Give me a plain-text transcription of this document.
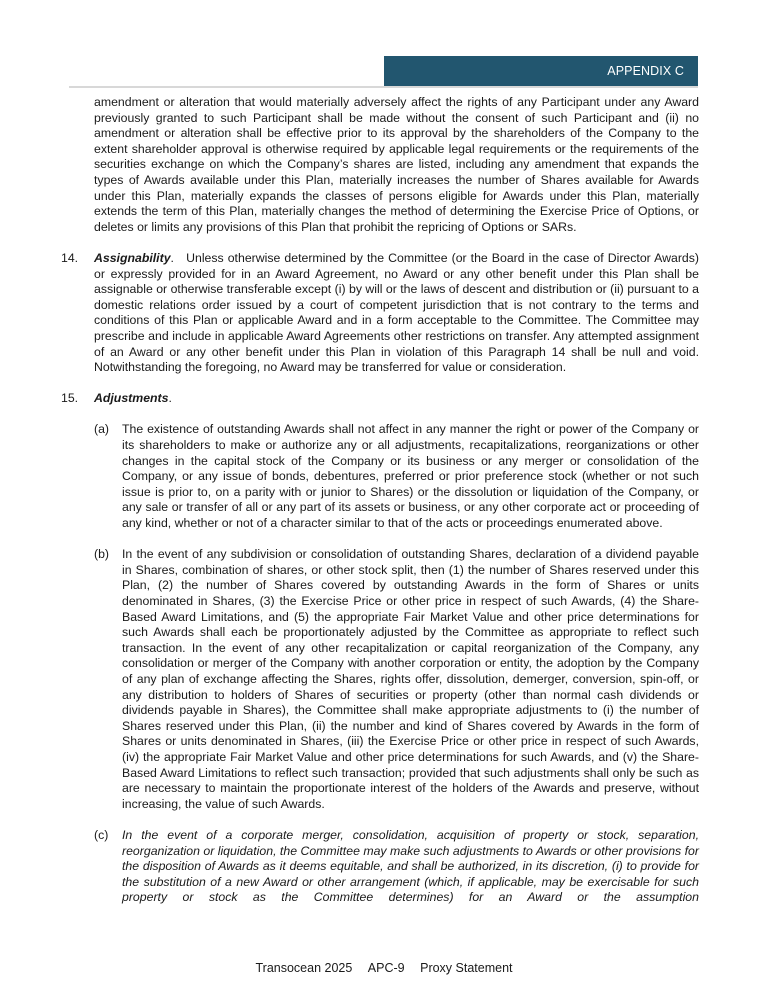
APPENDIX C

amendment or alteration that would materially adversely affect the rights of any Participant under any Award previously granted to such Participant shall be made without the consent of such Participant and (ii) no amendment or alteration shall be effective prior to its approval by the shareholders of the Company to the extent shareholder approval is otherwise required by applicable legal requirements or the requirements of the securities exchange on which the Company’s shares are listed, including any amendment that expands the types of Awards available under this Plan, materially increases the number of Shares available for Awards under this Plan, materially expands the classes of persons eligible for Awards under this Plan, materially extends the term of this Plan, materially changes the method of determining the Exercise Price of Options, or deletes or limits any provisions of this Plan that prohibit the repricing of Options or SARs.

14. Assignability. Unless otherwise determined by the Committee (or the Board in the case of Director Awards) or expressly provided for in an Award Agreement, no Award or any other benefit under this Plan shall be assignable or otherwise transferable except (i) by will or the laws of descent and distribution or (ii) pursuant to a domestic relations order issued by a court of competent jurisdiction that is not contrary to the terms and conditions of this Plan or applicable Award and in a form acceptable to the Committee. The Committee may prescribe and include in applicable Award Agreements other restrictions on transfer. Any attempted assignment of an Award or any other benefit under this Plan in violation of this Paragraph 14 shall be null and void. Notwithstanding the foregoing, no Award may be transferred for value or consideration.

15. Adjustments.

(a) The existence of outstanding Awards shall not affect in any manner the right or power of the Company or its shareholders to make or authorize any or all adjustments, recapitalizations, reorganizations or other changes in the capital stock of the Company or its business or any merger or consolidation of the Company, or any issue of bonds, debentures, preferred or prior preference stock (whether or not such issue is prior to, on a parity with or junior to Shares) or the dissolution or liquidation of the Company, or any sale or transfer of all or any part of its assets or business, or any other corporate act or proceeding of any kind, whether or not of a character similar to that of the acts or proceedings enumerated above.

(b) In the event of any subdivision or consolidation of outstanding Shares, declaration of a dividend payable in Shares, combination of shares, or other stock split, then (1) the number of Shares reserved under this Plan, (2) the number of Shares covered by outstanding Awards in the form of Shares or units denominated in Shares, (3) the Exercise Price or other price in respect of such Awards, (4) the Share-Based Award Limitations, and (5) the appropriate Fair Market Value and other price determinations for such Awards shall each be proportionately adjusted by the Committee as appropriate to reflect such transaction. In the event of any other recapitalization or capital reorganization of the Company, any consolidation or merger of the Company with another corporation or entity, the adoption by the Company of any plan of exchange affecting the Shares, rights offer, dissolution, demerger, conversion, spin-off, or any distribution to holders of Shares of securities or property (other than normal cash dividends or dividends payable in Shares), the Committee shall make appropriate adjustments to (i) the number of Shares reserved under this Plan, (ii) the number and kind of Shares covered by Awards in the form of Shares or units denominated in Shares, (iii) the Exercise Price or other price in respect of such Awards, (iv) the appropriate Fair Market Value and other price determinations for such Awards, and (v) the Share-Based Award Limitations to reflect such transaction; provided that such adjustments shall only be such as are necessary to maintain the proportionate interest of the holders of the Awards and preserve, without increasing, the value of such Awards.

(c) In the event of a corporate merger, consolidation, acquisition of property or stock, separation, reorganization or liquidation, the Committee may make such adjustments to Awards or other provisions for the disposition of Awards as it deems equitable, and shall be authorized, in its discretion, (i) to provide for the substitution of a new Award or other arrangement (which, if applicable, may be exercisable for such property or stock as the Committee determines) for an Award or the assumption

Transocean 2025 APC-9 Proxy Statement
